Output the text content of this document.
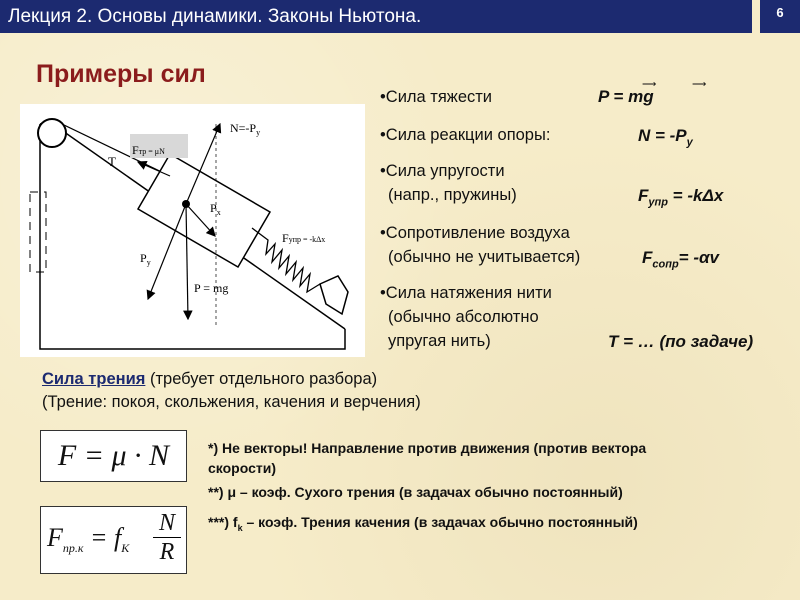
Лекция 2. Основы динамики. Законы Ньютона.	6
Примеры сил
Fтр = μN
$N=-P_y$
T
$P_x$
Fупр = -kΔx
$P_y$
P = mg
•Сила тяжести	P = mg
⟶	⟶
•Сила реакции опоры:	$N = -P_y$
•Сила упругости
(напр., пружины)	$F_{упр} = -k\Delta x$
•Сопротивление воздуха
(обычно не учитывается)	$F_{сопр}= -\alpha v$
•Сила натяжения нити
(обычно абсолютно
упругая нить)	T = … (по задаче)
Сила трения (требует отдельного разбора)
(Трение: покоя, скольжения, качения и верчения)
F = μ · N
$F_{пр.к} = f_K$
N
R
*) Не векторы! Направление против движения (против вектора
скорости)
**) μ – коэф. Сухого трения (в задачах обычно постоянный)
***) $f_k$ – коэф. Трения качения (в задачах обычно постоянный)
